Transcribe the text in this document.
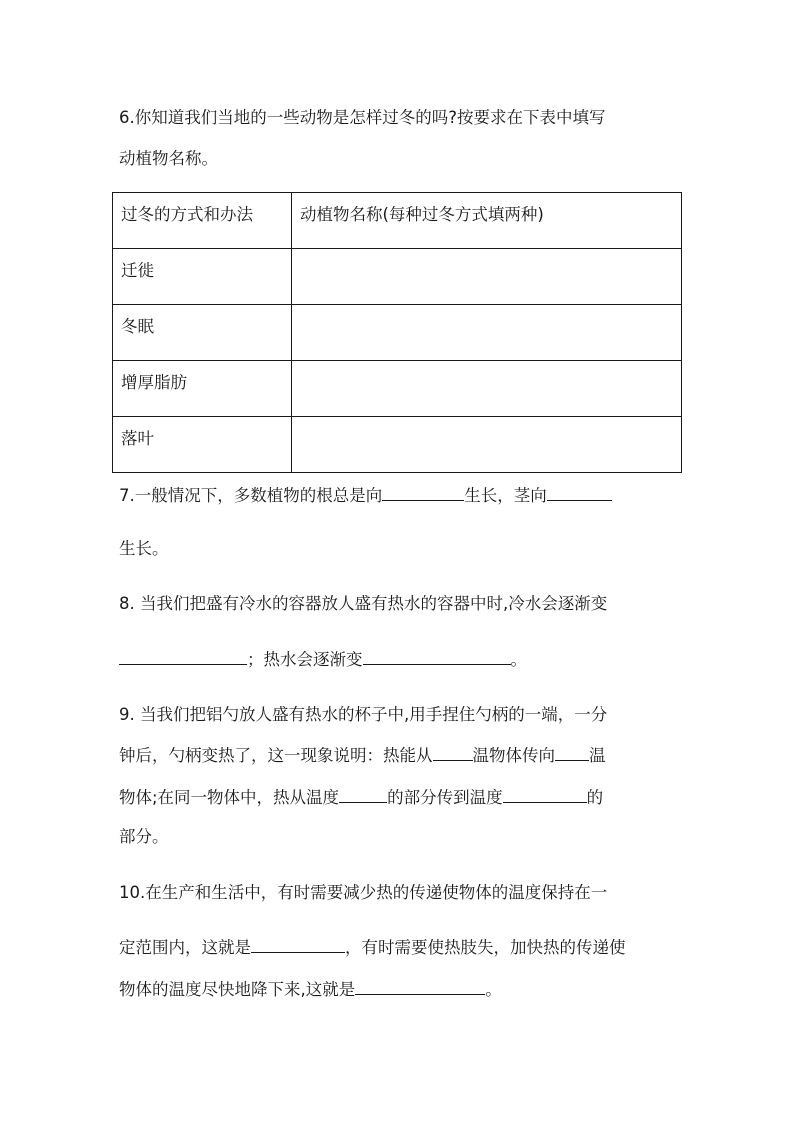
6.你知道我们当地的一些动物是怎样过冬的吗?按要求在下表中填写
动植物名称。
过冬的方式和办法	动植物名称(每种过冬方式填两种)

迁徙	

冬眠	

增厚脂肪	

落叶	

7.一般情况下，多数植物的根总是向	生长，茎向
生长。
8. 当我们把盛有冷水的容器放人盛有热水的容器中时,冷水会逐渐变
；热水会逐渐变	。
9. 当我们把铝勺放人盛有热水的杯子中,用手捏住勺柄的一端，一分
钟后，勺柄变热了，这一现象说明：热能从 温物体传向 温
物体;在同一物体中，热从温度	的部分传到温度	的
部分。
10.在生产和生活中，有时需要减少热的传递使物体的温度保持在一
定范围内，这就是	，有时需要使热肢失，加快热的传递使
物体的温度尽快地降下来,这就是	。
